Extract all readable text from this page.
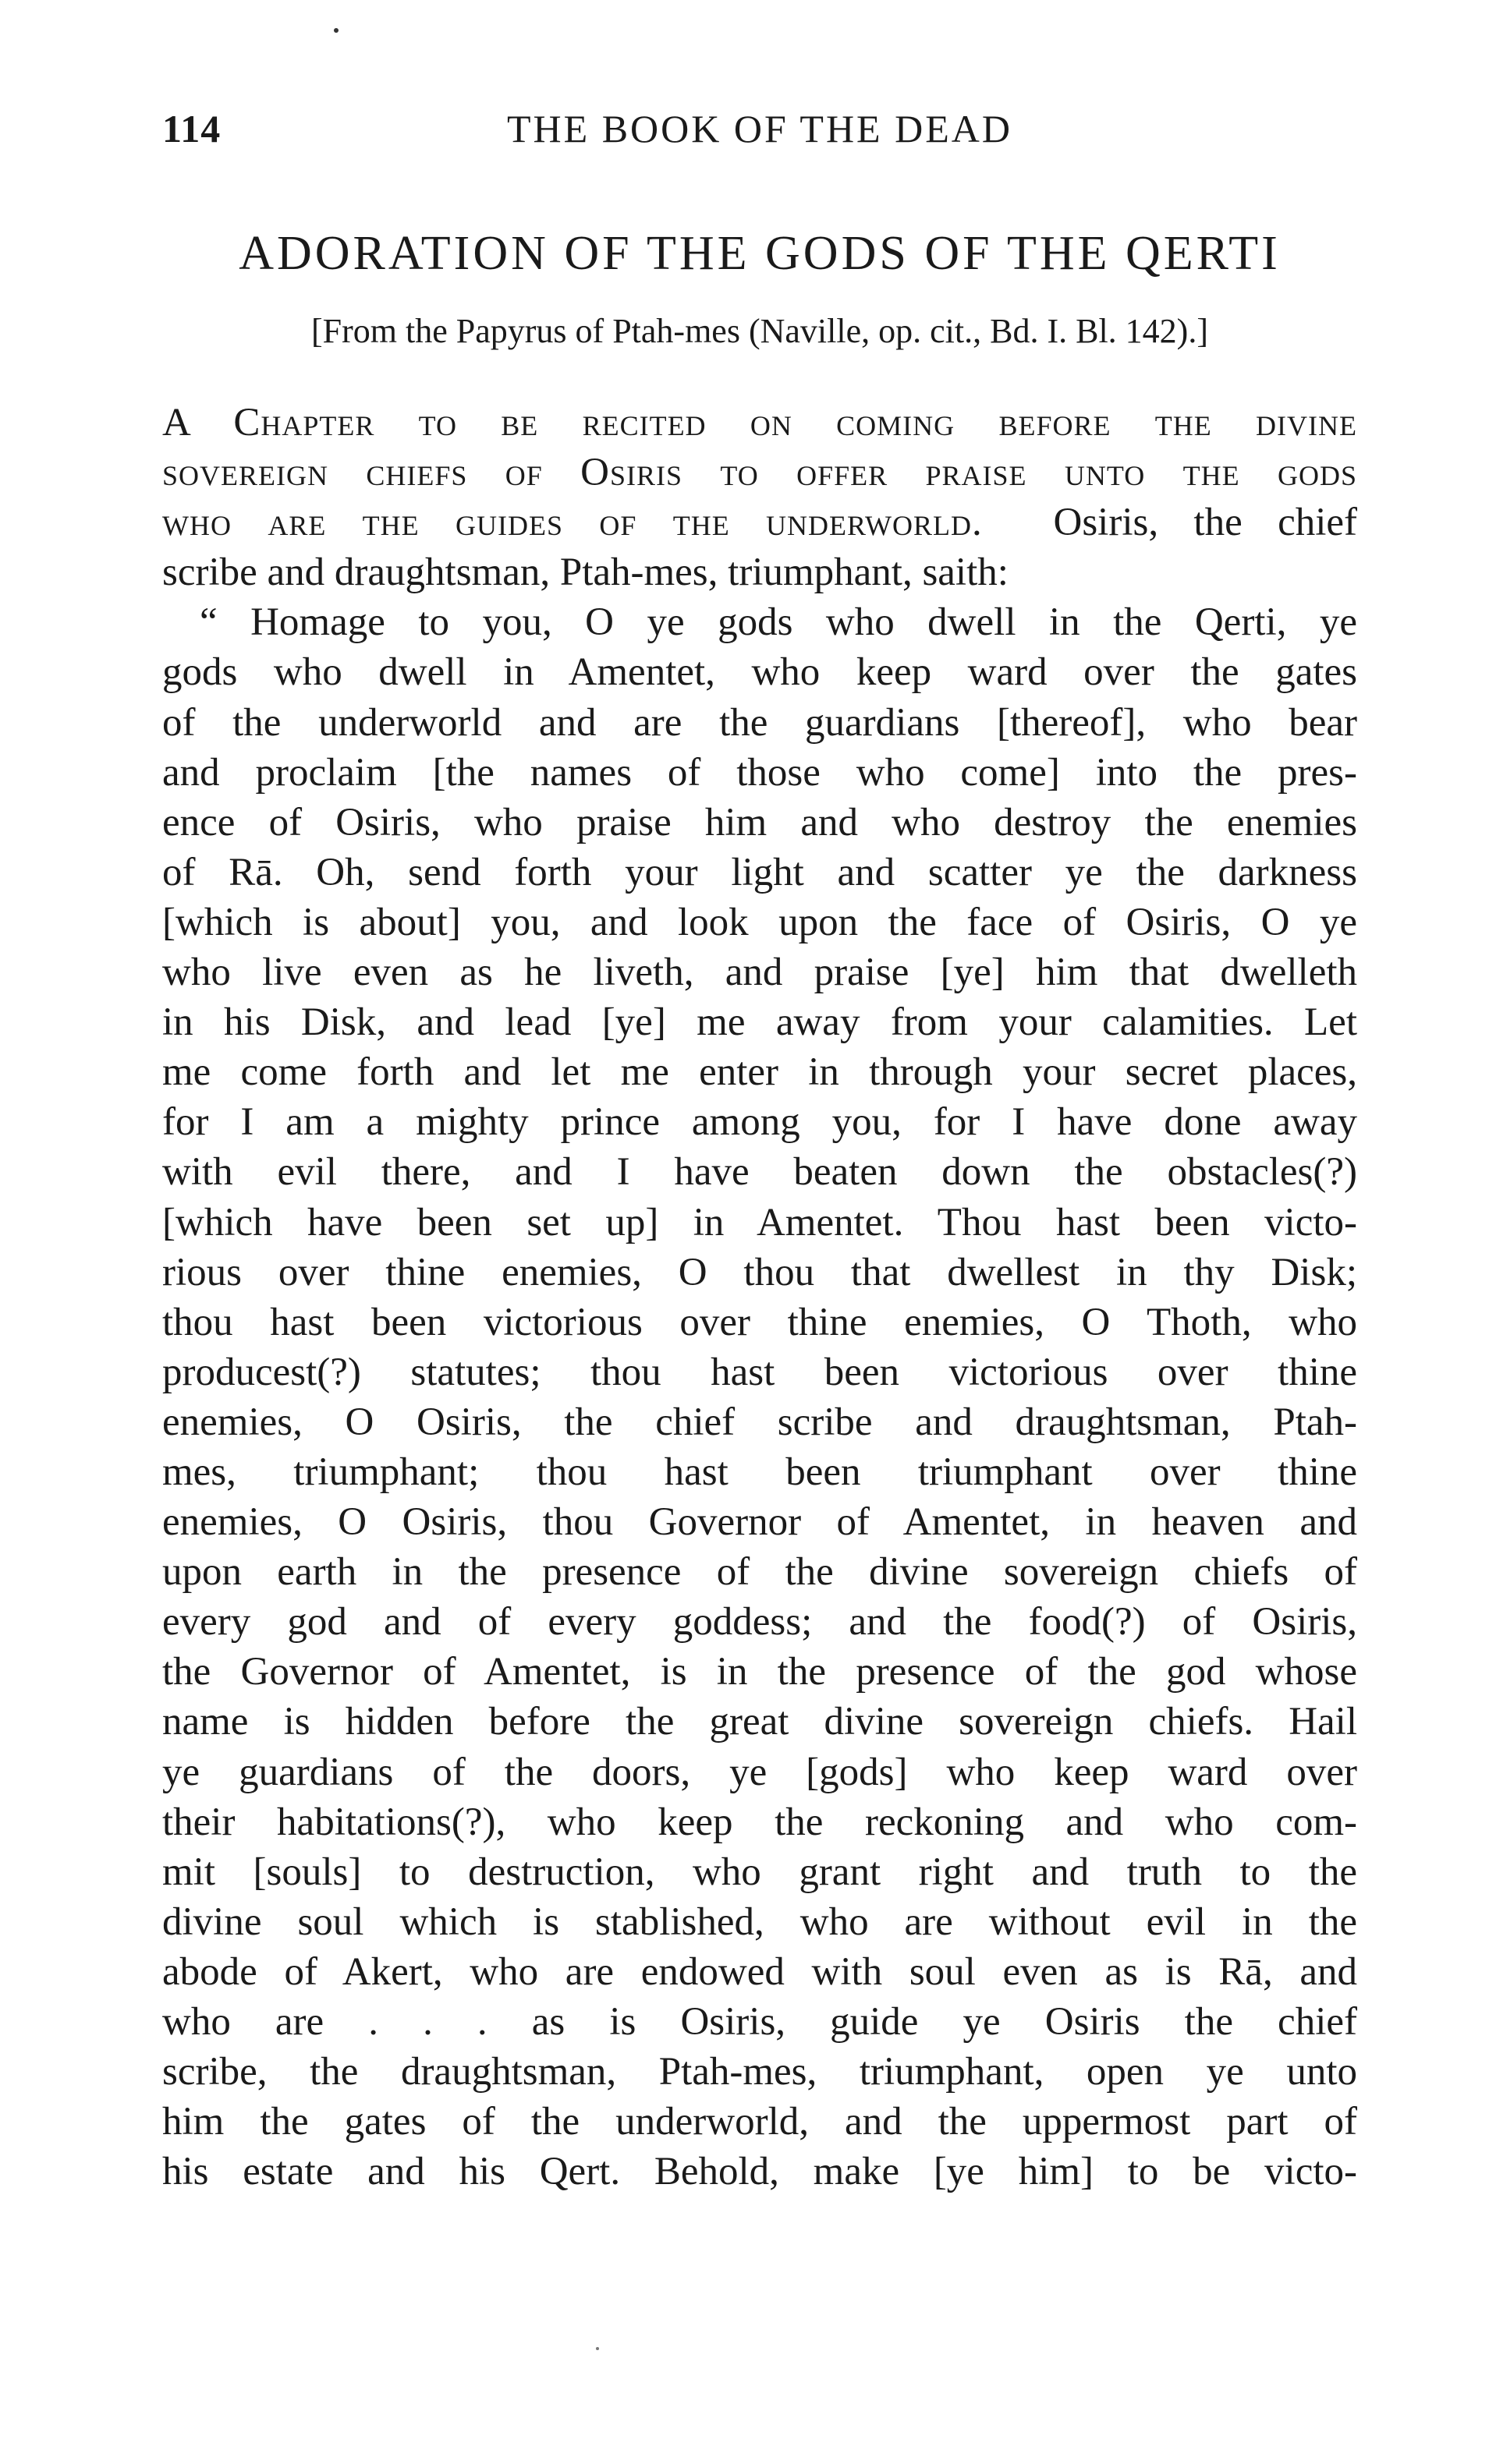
114	THE BOOK OF THE DEAD
ADORATION OF THE GODS OF THE QERTI
[From the Papyrus of Ptah-mes (Naville, op. cit., Bd. I. Bl. 142).]
A Chapter to be recited on coming before the divine
sovereign chiefs of Osiris to offer praise unto the gods
who are the guides of the underworld. Osiris, the chief
scribe and draughtsman, Ptah-mes, triumphant, saith:
“ Homage to you, O ye gods who dwell in the Qerti, ye
gods who dwell in Amentet, who keep ward over the gates
of the underworld and are the guardians [thereof], who bear
and proclaim [the names of those who come] into the pres-
ence of Osiris, who praise him and who destroy the enemies
of Rā. Oh, send forth your light and scatter ye the darkness
[which is about] you, and look upon the face of Osiris, O ye
who live even as he liveth, and praise [ye] him that dwelleth
in his Disk, and lead [ye] me away from your calamities. Let
me come forth and let me enter in through your secret places,
for I am a mighty prince among you, for I have done away
with evil there, and I have beaten down the obstacles(?)
[which have been set up] in Amentet. Thou hast been victo-
rious over thine enemies, O thou that dwellest in thy Disk;
thou hast been victorious over thine enemies, O Thoth, who
producest(?) statutes; thou hast been victorious over thine
enemies, O Osiris, the chief scribe and draughtsman, Ptah-
mes, triumphant; thou hast been triumphant over thine
enemies, O Osiris, thou Governor of Amentet, in heaven and
upon earth in the presence of the divine sovereign chiefs of
every god and of every goddess; and the food(?) of Osiris,
the Governor of Amentet, is in the presence of the god whose
name is hidden before the great divine sovereign chiefs. Hail
ye guardians of the doors, ye [gods] who keep ward over
their habitations(?), who keep the reckoning and who com-
mit [souls] to destruction, who grant right and truth to the
divine soul which is stablished, who are without evil in the
abode of Akert, who are endowed with soul even as is Rā, and
who are . . . as is Osiris, guide ye Osiris the chief
scribe, the draughtsman, Ptah-mes, triumphant, open ye unto
him the gates of the underworld, and the uppermost part of
his estate and his Qert. Behold, make [ye him] to be victo-
